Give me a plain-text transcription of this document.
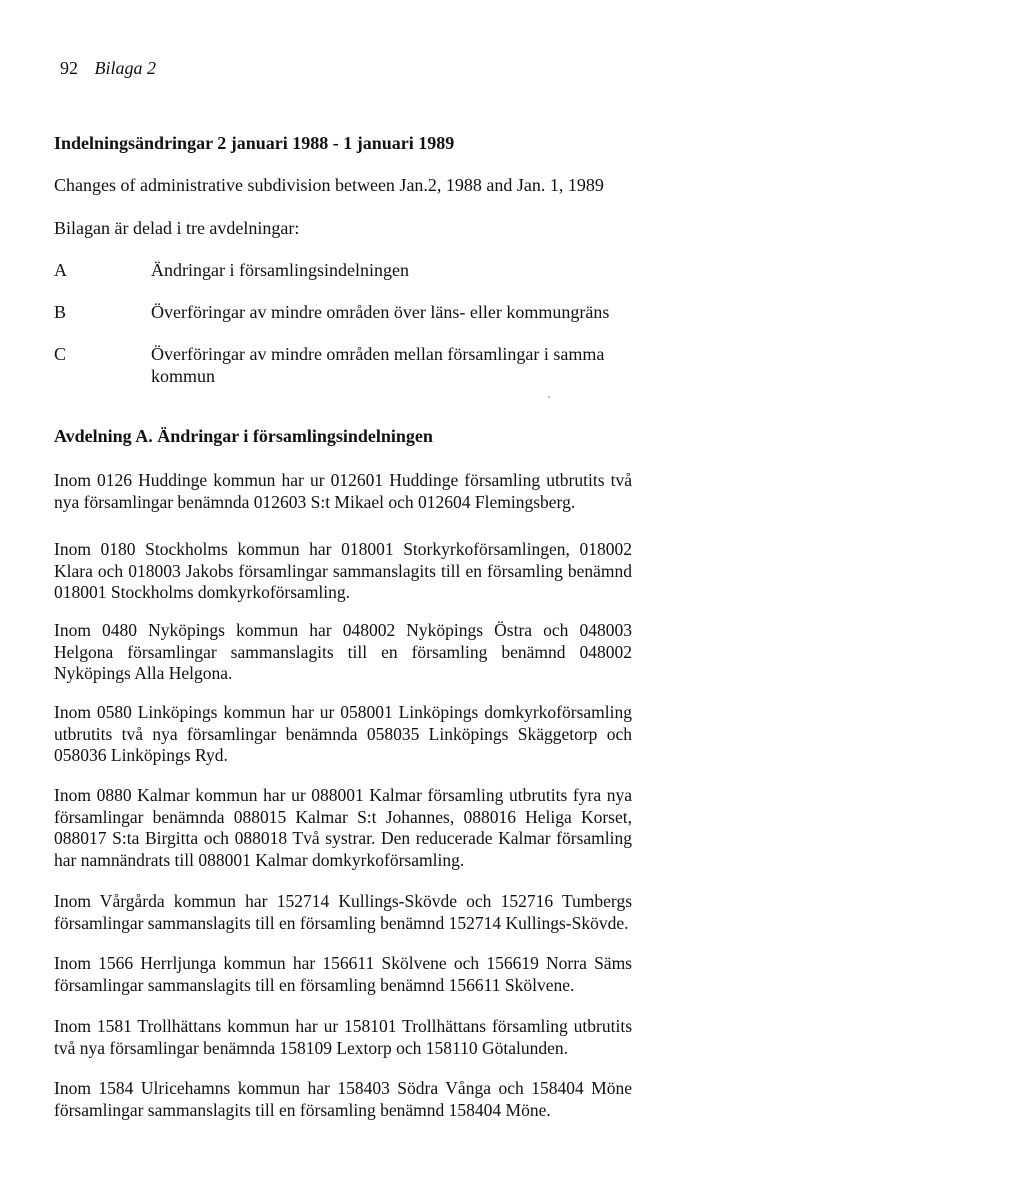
92 Bilaga 2
Indelningsändringar 2 januari 1988 - 1 januari 1989
Changes of administrative subdivision between Jan.2, 1988 and Jan. 1, 1989
Bilagan är delad i tre avdelningar:
A	Ändringar i församlingsindelningen
B	Överföringar av mindre områden över läns- eller kommungräns
C	Överföringar av mindre områden mellan församlingar i samma kommun
Avdelning A. Ändringar i församlingsindelningen

Inom 0126 Huddinge kommun har ur 012601 Huddinge församling utbrutits två nya församlingar benämnda 012603 S:t Mikael och 012604 Flemingsberg.

Inom 0180 Stockholms kommun har 018001 Storkyrkoförsamlingen, 018002 Klara och 018003 Jakobs församlingar sammanslagits till en församling benämnd 018001 Stockholms domkyrkoförsamling.

Inom 0480 Nyköpings kommun har 048002 Nyköpings Östra och 048003 Helgona församlingar sammanslagits till en församling benämnd 048002 Nyköpings Alla Helgona.

Inom 0580 Linköpings kommun har ur 058001 Linköpings domkyrkoförsamling utbrutits två nya församlingar benämnda 058035 Linköpings Skäggetorp och 058036 Linköpings Ryd.

Inom 0880 Kalmar kommun har ur 088001 Kalmar församling utbrutits fyra nya församlingar benämnda 088015 Kalmar S:t Johannes, 088016 Heliga Korset, 088017 S:ta Birgitta och 088018 Två systrar. Den reducerade Kalmar församling har namnändrats till 088001 Kalmar domkyrkoförsamling.

Inom Vårgårda kommun har 152714 Kullings-Skövde och 152716 Tumbergs församlingar sammanslagits till en församling benämnd 152714 Kullings-Skövde.

Inom 1566 Herrljunga kommun har 156611 Skölvene och 156619 Norra Säms församlingar sammanslagits till en församling benämnd 156611 Skölvene.

Inom 1581 Trollhättans kommun har ur 158101 Trollhättans församling utbrutits två nya församlingar benämnda 158109 Lextorp och 158110 Götalunden.

Inom 1584 Ulricehamns kommun har 158403 Södra Vånga och 158404 Möne församlingar sammanslagits till en församling benämnd 158404 Möne.
